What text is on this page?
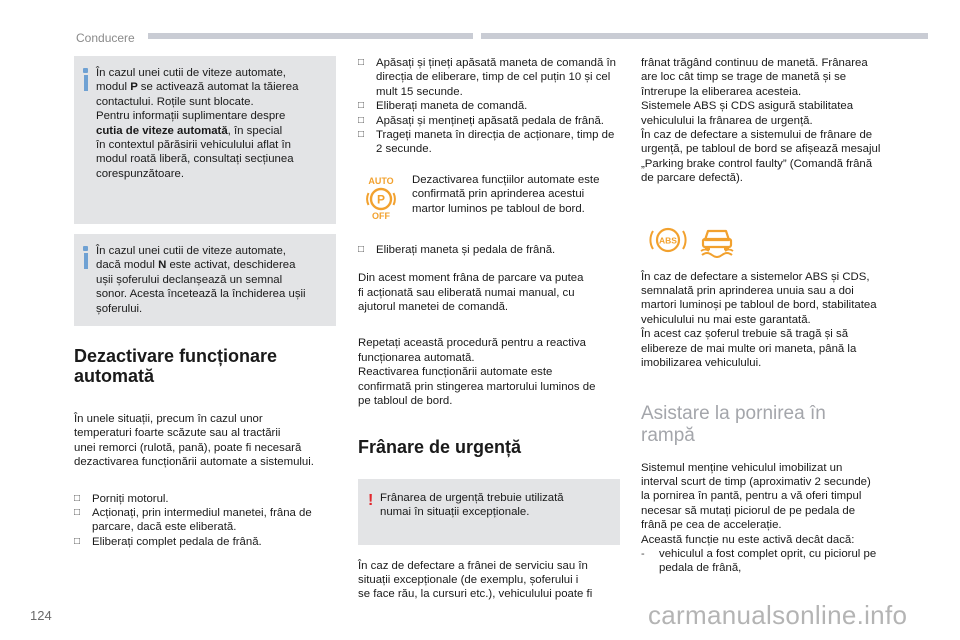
Conducere

În cazul unei cutii de viteze automate,
modul P se activează automat la tăierea
contactului. Roțile sunt blocate.
Pentru informații suplimentare despre
cutia de viteze automată, în special
în contextul părăsirii vehiculului aflat în
modul roată liberă, consultați secțiunea
corespunzătoare.

În cazul unei cutii de viteze automate,
dacă modul N este activat, deschiderea
ușii șoferului declanșează un semnal
sonor. Acesta încetează la închiderea ușii
șoferului.

Dezactivare funcționare automată

În unele situații, precum în cazul unor
temperaturi foarte scăzute sau al tractării
unei remorci (rulotă, pană), poate fi necesară
dezactivarea funcționării automate a sistemului.

□ Porniți motorul.
□ Acționați, prin intermediul manetei, frâna de parcare, dacă este eliberată.
□ Eliberați complet pedala de frână.
□ Apăsați și țineți apăsată maneta de comandă în direcția de eliberare, timp de cel puțin 10 și cel mult 15 secunde.
□ Eliberați maneta de comandă.
□ Apăsați și mențineți apăsată pedala de frână.
□ Trageți maneta în direcția de acționare, timp de 2 secunde.
AUTO
P
OFF

Dezactivarea funcțiilor automate este
confirmată prin aprinderea acestui
martor luminos pe tabloul de bord.

□ Eliberați maneta și pedala de frână.

Din acest moment frâna de parcare va putea
fi acționată sau eliberată numai manual, cu
ajutorul manetei de comandă.

Repetați această procedură pentru a reactiva
funcționarea automată.
Reactivarea funcționării automate este
confirmată prin stingerea martorului luminos de
pe tabloul de bord.

Frânare de urgență
! Frânarea de urgență trebuie utilizată
numai în situații excepționale.

În caz de defectare a frânei de serviciu sau în
situații excepționale (de exemplu, șoferului i
se face rău, la cursuri etc.), vehiculului poate fi

frânat trăgând continuu de manetă. Frânarea
are loc cât timp se trage de manetă și se
întrerupe la eliberarea acesteia.
Sistemele ABS și CDS asigură stabilitatea
vehiculului la frânarea de urgență.
În caz de defectare a sistemului de frânare de
urgență, pe tabloul de bord se afișează mesajul
„Parking brake control faulty” (Comandă frână
de parcare defectă).

ABS

În caz de defectare a sistemelor ABS și CDS,
semnalată prin aprinderea unuia sau a doi
martori luminoși pe tabloul de bord, stabilitatea
vehiculului nu mai este garantată.
În acest caz șoferul trebuie să tragă și să
elibereze de mai multe ori maneta, până la
imobilizarea vehiculului.

Asistare la pornirea în rampă

Sistemul menține vehiculul imobilizat un
interval scurt de timp (aproximativ 2 secunde)
la pornirea în pantă, pentru a vă oferi timpul
necesar să mutați piciorul de pe pedala de
frână pe cea de accelerație.
Această funcție nu este activă decât dacă:

- vehiculul a fost complet oprit, cu piciorul pe pedala de frână,
124	carmanualsonline.info
